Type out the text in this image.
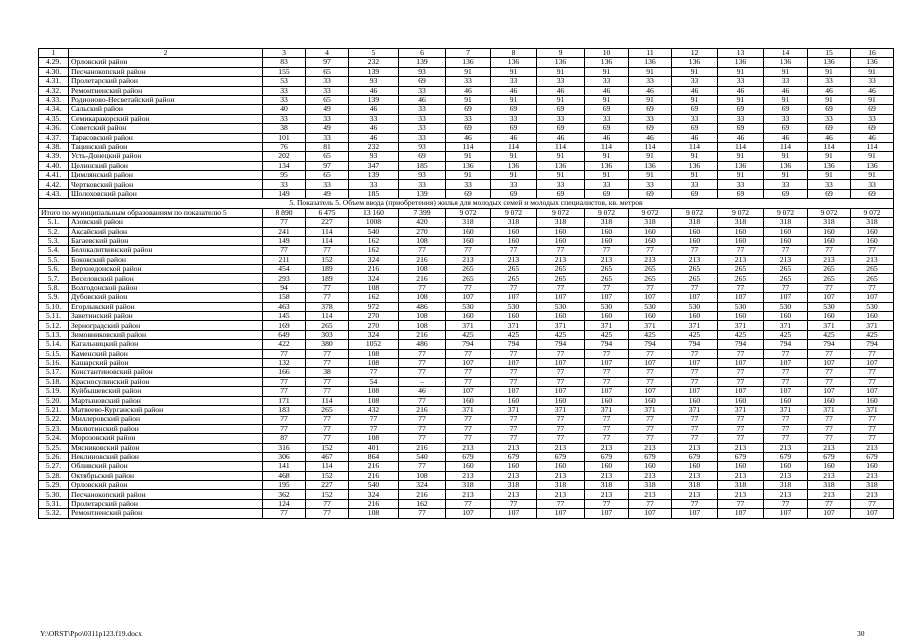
1	2	3	4	5	6	7	8	9	10	11	12	13	14	15	16
4.29.	Орловский район	83	97	232	139	136	136	136	136	136	136	136	136	136	136
4.30.	Песчанокопский район	155	65	139	93	91	91	91	91	91	91	91	91	91	91
4.31.	Пролетарский район	53	33	93	69	33	33	33	33	33	33	33	33	33	33
4.32.	Ремонтненский район	33	33	46	33	46	46	46	46	46	46	46	46	46	46
4.33.	Родионово-Несветайский район	33	65	139	46	91	91	91	91	91	91	91	91	91	91
4.34.	Сальский район	40	49	46	33	69	69	69	69	69	69	69	69	69	69
4.35.	Семикаракорский район	33	33	33	33	33	33	33	33	33	33	33	33	33	33
4.36.	Советский район	38	49	46	33	69	69	69	69	69	69	69	69	69	69
4.37.	Тарасовский район	101	33	46	33	46	46	46	46	46	46	46	46	46	46
4.38.	Тацинский район	76	81	232	93	114	114	114	114	114	114	114	114	114	114
4.39.	Усть-Донецкий район	202	65	93	69	91	91	91	91	91	91	91	91	91	91
4.40.	Целинский район	134	97	347	185	136	136	136	136	136	136	136	136	136	136
4.41.	Цимлянский район	95	65	139	93	91	91	91	91	91	91	91	91	91	91
4.42.	Чертковский район	33	33	33	33	33	33	33	33	33	33	33	33	33	33
4.43.	Шолоховский район	149	49	185	139	69	69	69	69	69	69	69	69	69	69
5. Показатель 5. Объем ввода (приобретения) жилья для молодых семей и молодых специалистов, кв. метров															
Итого по муниципальным образованиям по показателю 5		8 890	6 475	13 160	7 399	9 072	9 072	9 072	9 072	9 072	9 072	9 072	9 072	9 072	9 072
5.1.	Азовский район	77	227	1008	420	318	318	318	318	318	318	318	318	318	318
5.2.	Аксайский район	241	114	540	270	160	160	160	160	160	160	160	160	160	160
5.3.	Багаевский район	149	114	162	108	160	160	160	160	160	160	160	160	160	160
5.4.	Белокалитвинский район	77	77	162	77	77	77	77	77	77	77	77	77	77	77
5.5.	Боковский район	211	152	324	216	213	213	213	213	213	213	213	213	213	213
5.6.	Верхнедонской район	454	189	216	108	265	265	265	265	265	265	265	265	265	265
5.7.	Веселовский район	293	189	324	216	265	265	265	265	265	265	265	265	265	265
5.8.	Волгодонской район	94	77	108	77	77	77	77	77	77	77	77	77	77	77
5.9.	Дубовский район	158	77	162	108	107	107	107	107	107	107	107	107	107	107
5.10.	Егорлыкский район	463	378	972	486	530	530	530	530	530	530	530	530	530	530
5.11.	Заветинский район	145	114	270	108	160	160	160	160	160	160	160	160	160	160
5.12.	Зерноградский район	169	265	270	108	371	371	371	371	371	371	371	371	371	371
5.13.	Зимовниковский район	649	303	324	216	425	425	425	425	425	425	425	425	425	425
5.14.	Кагальницкий район	422	380	1052	486	794	794	794	794	794	794	794	794	794	794
5.15.	Каменский район	77	77	108	77	77	77	77	77	77	77	77	77	77	77
5.16.	Кашарский район	132	77	108	77	107	107	107	107	107	107	107	107	107	107
5.17.	Константиновский район	166	38	77	77	77	77	77	77	77	77	77	77	77	77
5.18.	Красносулинский район	77	77	54	–	77	77	77	77	77	77	77	77	77	77
5.19.	Куйбышевский район	77	77	108	46	107	107	107	107	107	107	107	107	107	107
5.20.	Мартыновский район	171	114	108	77	160	160	160	160	160	160	160	160	160	160
5.21.	Матвеево-Курганский район	183	265	432	216	371	371	371	371	371	371	371	371	371	371
5.22.	Миллеровский район	77	77	77	77	77	77	77	77	77	77	77	77	77	77
5.23.	Милютинский район	77	77	77	77	77	77	77	77	77	77	77	77	77	77
5.24.	Морозовский район	87	77	108	77	77	77	77	77	77	77	77	77	77	77
5.25.	Мясниковский район	316	152	401	216	213	213	213	213	213	213	213	213	213	213
5.26.	Неклиновский район	306	467	864	540	679	679	679	679	679	679	679	679	679	679
5.27.	Обливский район	141	114	216	77	160	160	160	160	160	160	160	160	160	160
5.28.	Октябрьский район	468	152	216	108	213	213	213	213	213	213	213	213	213	213
5.29.	Орловский район	195	227	540	324	318	318	318	318	318	318	318	318	318	318
5.30.	Песчанокопский район	362	152	324	216	213	213	213	213	213	213	213	213	213	213
5.31.	Пролетарский район	124	77	216	162	77	77	77	77	77	77	77	77	77	77
5.32.	Ремонтненский район	77	77	108	77	107	107	107	107	107	107	107	107	107	107
Y:\ORST\Ppo\0311p123.f19.docx	30
